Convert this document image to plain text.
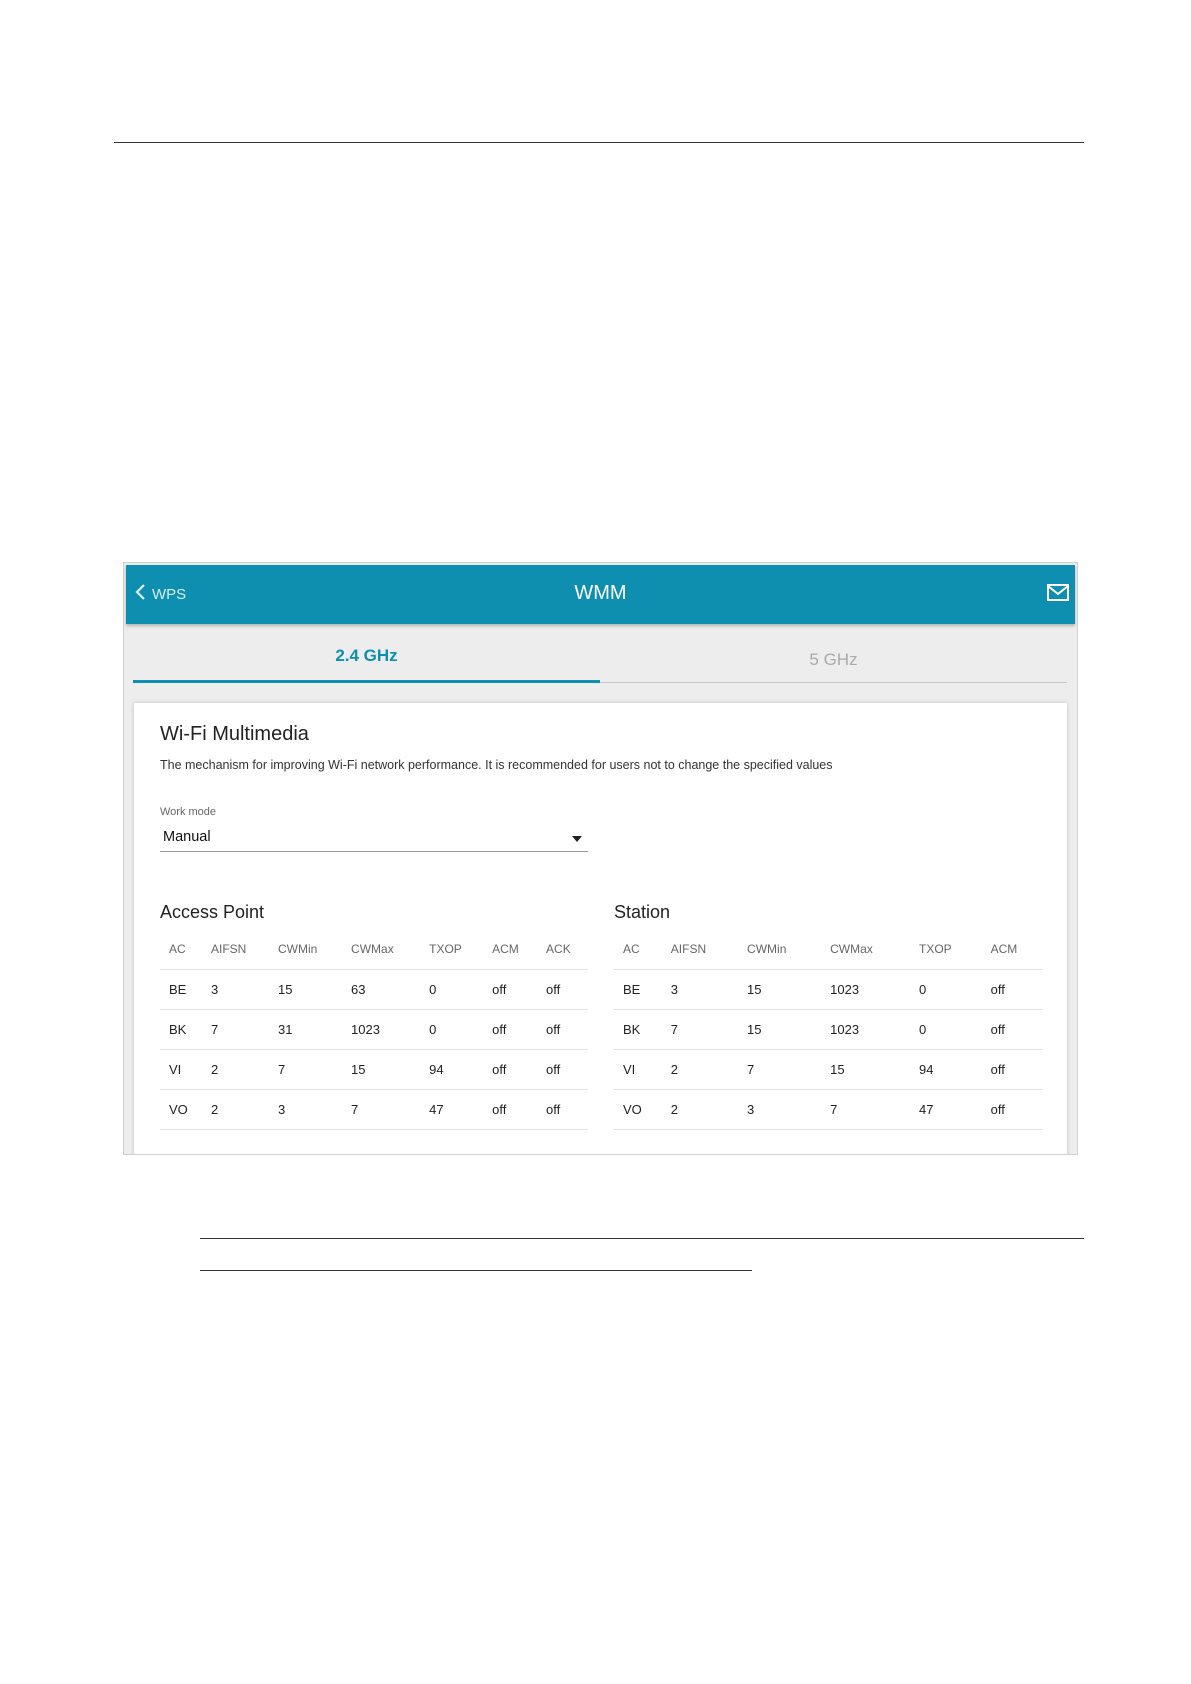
WPS	WMM
2.4 GHz	5 GHz
Wi-Fi Multimedia
The mechanism for improving Wi-Fi network performance. It is recommended for users not to change the specified values
Work mode
Manual
Access Point
AC	AIFSN	CWMin	CWMax	TXOP	ACM	ACK
BE	3	15	63	0	off	off
BK	7	31	1023	0	off	off
VI	2	7	15	94	off	off
VO	2	3	7	47	off	off
Station
AC	AIFSN	CWMin	CWMax	TXOP	ACM
BE	3	15	1023	0	off
BK	7	15	1023	0	off
VI	2	7	15	94	off
VO	2	3	7	47	off
